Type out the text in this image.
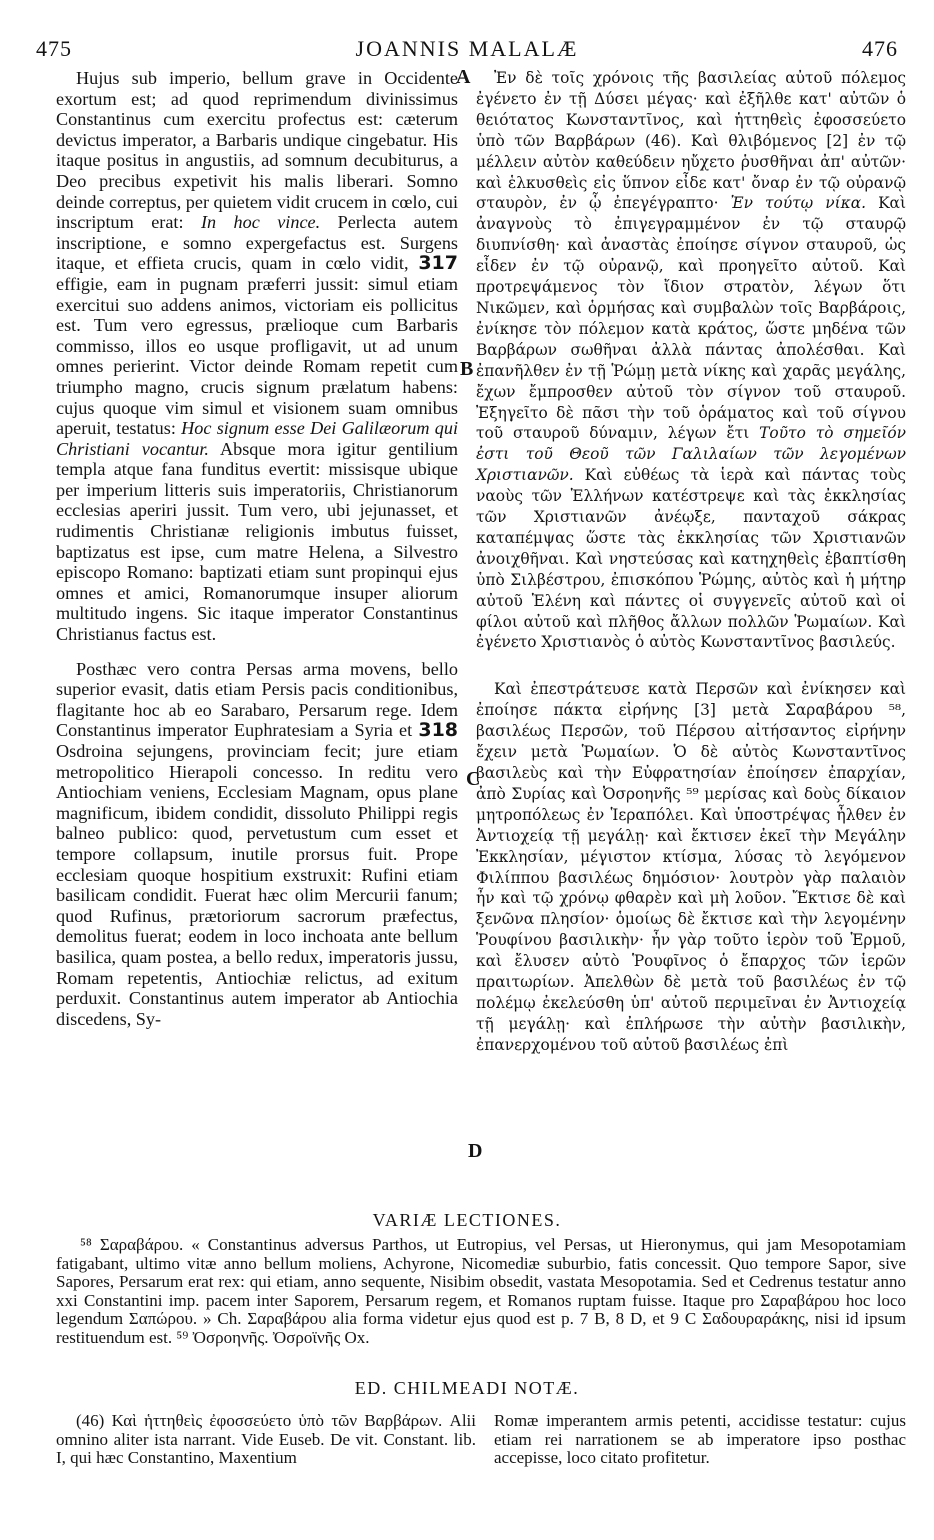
475	JOANNIS MALALÆ	476

Hujus sub imperio, bellum grave in Occidente exortum est; ad quod reprimendum divinissimus Constantinus cum exercitu profectus est: cæterum devictus imperator, a Barbaris undique cingebatur. His itaque positus in angustiis, ad somnum decubiturus, a Deo precibus expetivit his malis liberari. Somno deinde correptus, per quietem vidit crucem in cœlo, cui inscriptum erat: In hoc vince. Perlecta autem inscriptione, e somno expergefactus est. Surgens itaque, et effieta crucis, quam in cœlo vidit, 317 effigie, eam in pugnam præferri jussit: simul etiam exercitui suo addens animos, victoriam eis pollicitus est. Tum vero egressus, prælioque cum Barbaris commisso, illos eo usque profligavit, ut ad unum omnes perierint. Victor deinde Romam repetit cum triumpho magno, crucis signum prælatum habens: cujus quoque vim simul et visionem suam omnibus aperuit, testatus: Hoc signum esse Dei Galilæorum qui Christiani vocantur. Absque mora igitur gentilium templa atque fana funditus evertit: missisque ubique per imperium litteris suis imperatoriis, Christianorum ecclesias aperiri jussit. Tum vero, ubi jejunasset, et rudimentis Christianæ religionis imbutus fuisset, baptizatus est ipse, cum matre Helena, a Silvestro episcopo Romano: baptizati etiam sunt propinqui ejus omnes et amici, Romanorumque insuper aliorum multitudo ingens. Sic itaque imperator Constantinus Christianus factus est.

Posthæc vero contra Persas arma movens, bello superior evasit, datis etiam Persis pacis conditionibus, flagitante hoc ab eo Sarabaro, Persarum rege. Idem Constantinus imperator Euphratesiam a Syria et 318 Osdroina sejungens, provinciam fecit; jure etiam metropolitico Hierapoli concesso. In reditu vero Antiochiam veniens, Ecclesiam Magnam, opus plane magnificum, ibidem condidit, dissoluto Philippi regis balneo publico: quod, pervetustum cum esset et tempore collapsum, inutile prorsus fuit. Prope ecclesiam quoque hospitium exstruxit: Rufini etiam basilicam condidit. Fuerat hæc olim Mercurii fanum; quod Rufinus, prætoriorum sacrorum præfectus, demolitus fuerat; eodem in loco inchoata ante bellum basilica, quam postea, a bello redux, imperatoris jussu, Romam repetentis, Antiochiæ relictus, ad exitum perduxit. Constantinus autem imperator ab Antiochia discedens, Sy-

Ἐν δὲ τοῖς χρόνοις τῆς βασιλείας αὐτοῦ πόλεμος ἐγένετο ἐν τῇ Δύσει μέγας· καὶ ἐξῆλθε κατ' αὐτῶν ὁ θειότατος Κωνσταντῖνος, καὶ ἡττηθεὶς ἐφοσσεύετο ὑπὸ τῶν Βαρβάρων (46). Καὶ θλιβόμενος [2] ἐν τῷ μέλλειν αὐτὸν καθεύδειν ηὔχετο ῥυσθῆναι ἀπ' αὐτῶν· καὶ ἑλκυσθεὶς εἰς ὕπνον εἶδε κατ' ὄναρ ἐν τῷ οὐρανῷ σταυρὸν, ἐν ᾧ ἐπεγέγραπτο· Ἐν τούτῳ νίκα. Καὶ ἀναγνοὺς τὸ ἐπιγεγραμμένον ἐν τῷ σταυρῷ διυπνίσθη· καὶ ἀναστὰς ἐποίησε σίγνον σταυροῦ, ὡς εἶδεν ἐν τῷ οὐρανῷ, καὶ προηγεῖτο αὐτοῦ. Καὶ προτρεψάμενος τὸν ἴδιον στρατὸν, λέγων ὅτι Νικῶμεν, καὶ ὁρμήσας καὶ συμβαλὼν τοῖς Βαρβάροις, ἐνίκησε τὸν πόλεμον κατὰ κράτος, ὥστε μηδένα τῶν Βαρβάρων σωθῆναι ἀλλὰ πάντας ἀπολέσθαι. Καὶ ἐπανῆλθεν ἐν τῇ Ῥώμῃ μετὰ νίκης καὶ χαρᾶς μεγάλης, ἔχων ἔμπροσθεν αὐτοῦ τὸν σίγνον τοῦ σταυροῦ. Ἐξηγεῖτο δὲ πᾶσι τὴν τοῦ ὁράματος καὶ τοῦ σίγνου τοῦ σταυροῦ δύναμιν, λέγων ἔτι Τοῦτο τὸ σημεῖόν ἐστι τοῦ Θεοῦ τῶν Γαλιλαίων τῶν λεγομένων Χριστιανῶν. Καὶ εὐθέως τὰ ἱερὰ καὶ πάντας τοὺς ναοὺς τῶν Ἑλλήνων κατέστρεψε καὶ τὰς ἐκκλησίας τῶν Χριστιανῶν ἀνέῳξε, πανταχοῦ σάκρας καταπέμψας ὥστε τὰς ἐκκλησίας τῶν Χριστιανῶν ἀνοιχθῆναι. Καὶ νηστεύσας καὶ κατηχηθεὶς ἐβαπτίσθη ὑπὸ Σιλβέστρου, ἐπισκόπου Ῥώμης, αὐτὸς καὶ ἡ μήτηρ αὐτοῦ Ἑλένη καὶ πάντες οἱ συγγενεῖς αὐτοῦ καὶ οἱ φίλοι αὐτοῦ καὶ πλῆθος ἄλλων πολλῶν Ῥωμαίων. Καὶ ἐγένετο Χριστιανὸς ὁ αὐτὸς Κωνσταντῖνος βασιλεύς.

Καὶ ἐπεστράτευσε κατὰ Περσῶν καὶ ἐνίκησεν καὶ ἐποίησε πάκτα εἰρήνης [3] μετὰ Σαραβάρου ⁵⁸, βασιλέως Περσῶν, τοῦ Πέρσου αἰτήσαντος εἰρήνην ἔχειν μετὰ Ῥωμαίων. Ὁ δὲ αὐτὸς Κωνσταντῖνος βασιλεὺς καὶ τὴν Εὐφρατησίαν ἐποίησεν ἐπαρχίαν, ἀπὸ Συρίας καὶ Ὀσροηνῆς ⁵⁹ μερίσας καὶ δοὺς δίκαιον μητροπόλεως ἐν Ἱεραπόλει. Καὶ ὑποστρέψας ἦλθεν ἐν Ἀντιοχείᾳ τῇ μεγάλῃ· καὶ ἔκτισεν ἐκεῖ τὴν Μεγάλην Ἐκκλησίαν, μέγιστον κτίσμα, λύσας τὸ λεγόμενον Φιλίππου βασιλέως δημόσιον· λουτρὸν γὰρ παλαιὸν ἦν καὶ τῷ χρόνῳ φθαρὲν καὶ μὴ λοῦον. Ἔκτισε δὲ καὶ ξενῶνα πλησίον· ὁμοίως δὲ ἔκτισε καὶ τὴν λεγομένην Ῥουφίνου βασιλικὴν· ἦν γὰρ τοῦτο ἱερὸν τοῦ Ἑρμοῦ, καὶ ἔλυσεν αὐτὸ Ῥουφῖνος ὁ ἔπαρχος τῶν ἱερῶν πραιτωρίων. Ἀπελθὼν δὲ μετὰ τοῦ βασιλέως ἐν τῷ πολέμῳ ἐκελεύσθη ὑπ' αὐτοῦ περιμεῖναι ἐν Ἀντιοχείᾳ τῇ μεγάλῃ· καὶ ἐπλήρωσε τὴν αὐτὴν βασιλικὴν, ἐπανερχομένου τοῦ αὐτοῦ βασιλέως ἐπὶ

A
B
C
D
VARIÆ LECTIONES.

⁵⁸ Σαραβάρου. « Constantinus adversus Parthos, ut Eutropius, vel Persas, ut Hieronymus, qui jam Mesopotamiam fatigabant, ultimo vitæ anno bellum moliens, Achyrone, Nicomediæ suburbio, fatis concessit. Quo tempore Sapor, sive Sapores, Persarum erat rex: qui etiam, anno sequente, Nisibim obsedit, vastata Mesopotamia. Sed et Cedrenus testatur anno xxi Constantini imp. pacem inter Saporem, Persarum regem, et Romanos ruptam fuisse. Itaque pro Σαραβάρου hoc loco legendum Σαπώρου. » Ch. Σαραβάρου alia forma videtur ejus quod est p. 7 B, 8 D, et 9 C Σαδουραράκης, nisi id ipsum restituendum est. ⁵⁹ Ὀσροηνῆς. Ὀσροϊνῆς Ox.

ED. CHILMEADI NOTÆ.

(46) Καὶ ἡττηθεὶς ἐφοσσεύετο ὑπὸ τῶν Βαρβάρων. Alii omnino aliter ista narrant. Vide Euseb. De vit. Constant. lib. I, qui hæc Constantino, Maxentium

Romæ imperantem armis petenti, accidisse testatur: cujus etiam rei narrationem se ab imperatore ipso posthac accepisse, loco citato profitetur.
